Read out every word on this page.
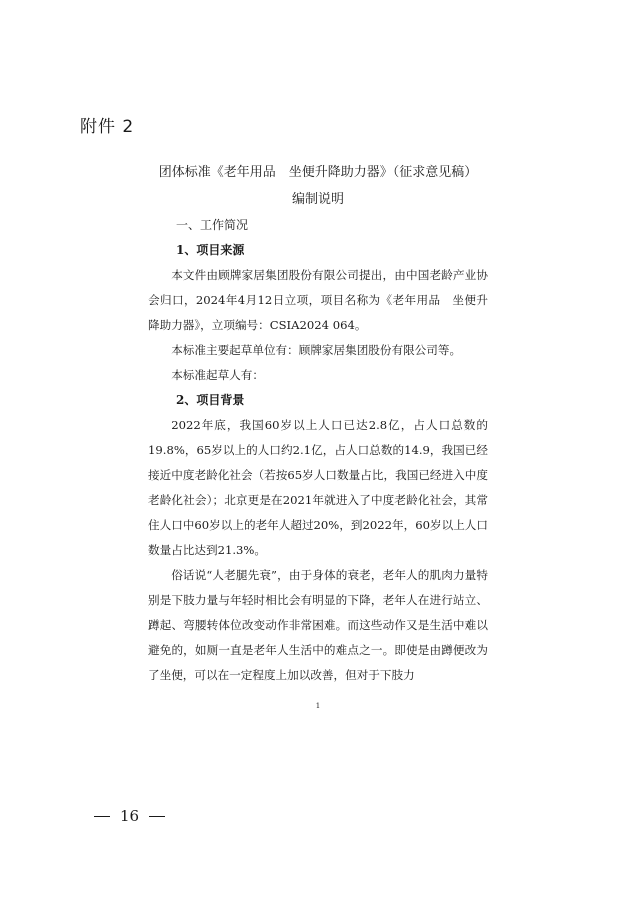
附件 2
团体标准《老年用品　坐便升降助力器》（征求意见稿）
编制说明
一、工作简况
1、项目来源

本文件由顾牌家居集团股份有限公司提出，由中国老龄产业协会归口，2024年4月12日立项，项目名称为《老年用品　坐便升降助力器》，立项编号：CSIA2024 064。

本标准主要起草单位有：顾牌家居集团股份有限公司等。

本标准起草人有：

2、项目背景

2022年底，我国60岁以上人口已达2.8亿，占人口总数的19.8%，65岁以上的人口约2.1亿，占人口总数的14.9，我国已经接近中度老龄化社会（若按65岁人口数量占比，我国已经进入中度老龄化社会）；北京更是在2021年就进入了中度老龄化社会，其常住人口中60岁以上的老年人超过20%，到2022年，60岁以上人口数量占比达到21.3%。

俗话说“人老腿先衰”，由于身体的衰老，老年人的肌肉力量特别是下肢力量与年轻时相比会有明显的下降，老年人在进行站立、蹲起、弯腰转体位改变动作非常困难。而这些动作又是生活中难以避免的，如厕一直是老年人生活中的难点之一。即使是由蹲便改为了坐便，可以在一定程度上加以改善，但对于下肢力

1
16
